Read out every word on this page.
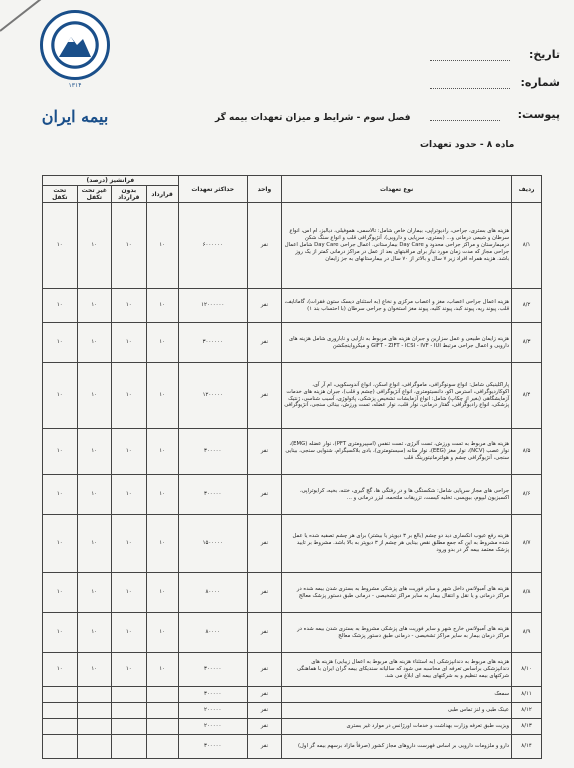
۱۳۱۴
بیمه ایران
تاریخ:
شماره:
پیوست:
فصل سوم - شرایط و میزان تعهدات بیمه گر
ماده ۸ - حدود تعهدات
ردیف	نوع تعهدات	واحد	حداکثر تعهدات	فرانشیز (درصد)			
				قرارداد	بدون قرارداد	غیر تحت تکفل	تحت تکفل
۸/۱	هزینه های بستری، جراحی، رادیوتراپی، بیماران خاص شامل: تالاسمی، هموفیلی، دیالیز، ام اس، انواع سرطان و شیمی درمانی و... (بستری، سرپایی و دارویی)، آنژیوگرافی قلب و انواع سنگ شکن درمیمارستان و مراکز جراحی محدود و Day Care بیمارستانی. اعمال جراحی Day Care شامل اعمال جراحی مجاز که مدت زمان مورد نیاز برای مراقبتهای بعد از عمل در مراکز درمانی کمتر از یک روز باشد. هزینه همراه افراد زیر ۷ سال و بالاتر از ۷۰ سال در بیمارستانهای به جز زایمان	نفر	۶۰۰۰۰۰۰	۱۰	۱۰	۱۰	۱۰
۸/۲	هزینه اعمال جراحی اعصاب، مغز و اعصاب مرکزی و نخاع (به استثنای دیسک ستون فقرات)، گامانایف، قلب، پیوند ریه، پیوند کبد، پیوند کلیه، پیوند مغز استخوان و جراحی سرطان (با احتساب بند ۱)	نفر	۱۲۰۰۰۰۰۰	۱۰	۱۰	۱۰	۱۰
۸/۳	هزینه زایمان طبیعی و عمل سزارین و جبران هزینه های مربوط به نازایی و ناباروری شامل هزینه های دارویی و اعمال جراحی مرتبط GIFT - ZIFT - ICSI - IVF - IUI و میکرواینجکشن	نفر	۳۰۰۰۰۰۰	۱۰	۱۰	۱۰	۱۰
۸/۴	پاراکلینیکی شامل: انواع سونوگرافی، ماموگرافی، انواع اسکن، انواع آندوسکوپی، ام آر آی، اکوکاردیوگرافی، استرس اکو، دانسیتومتری، انواع آنژیوگرافی (چشم و قلب)، جبران هزینه های خدمات آزمایشگاهی (بغیر از چکاپ) شامل: انواع آزمایشات تشخیص پزشکی، پاتولوژی، آسیب شناسی، ژنتیک پزشکی، انواع رادیوگرافی، گفتار درمانی، نوار قلب، نوار عضله، تست ورزش، بینائی سنجی، آنژیوگرافی	نفر	۱۲۰۰۰۰۰	۱۰	۱۰	۱۰	۱۰
۸/۵	هزینه های مربوط به تست ورزش، تست آلرژی، تست تنفس (اسپیرومتری PFT)، نوار عضله (EMG)، نوار عصب (NCV)، نوار مغز (EEG)، نوار مثانه (سیستومتری)، بادی بلاکسیگرام، شنوایی سنجی، بینایی سنجی، آنژیوگرافی چشم و هولترمانیتورینگ قلب	نفر	۳۰۰۰۰۰	۱۰	۱۰	۱۰	۱۰
۸/۶	جراحی های مجاز سرپایی شامل: شکستگی ها و در رفتگی ها، گچ گیری، ختنه، بخیه، کرایوتراپی، اکسیزیون لیپوم، بیوپسی، تخلیه کیست، تزریقات ملتحمه، لیزر درمانی و ...	نفر	۳۰۰۰۰۰	۱۰	۱۰	۱۰	۱۰
۸/۷	هزینه رفع عیوب انکساری دید دو چشم (بالغ بر ۳ دیوپتر یا بیشتر) برای هر چشم تصفیه شده یا عمل شده مشروط به این که جمع مطلق نقص بینایی هر چشم از ۳ دیوپتر به بالا باشد. مشروط بر تایید پزشک معتمد بیمه گر در بدو ورود	نفر	۱۵۰۰۰۰۰	۱۰	۱۰	۱۰	۱۰
۸/۸	هزینه های آمبولانس داخل شهر و سایر فوریت های پزشکی مشروط به بستری شدن بیمه شده در مراکز درمانی و یا نقل و انتقال بیمار به سایر مراکز تشخیصی - درمانی طبق دستور پزشک معالج	نفر	۸۰۰۰۰	۱۰	۱۰	۱۰	۱۰
۸/۹	هزینه های آمبولانس خارج شهر و سایر فوریت های پزشکی مشروط به بستری شدن بیمه شده در مراکز درمان بیمار به سایر مراکز تشخیصی - درمانی طبق دستور پزشک معالج	نفر	۸۰۰۰۰	۱۰	۱۰	۱۰	۱۰
۸/۱۰	هزینه های مربوط به دندانپزشکی (به استثناء هزینه های مربوط به اعمال زیبایی) هزینه های دندانپزشکی براساس تعرفه ای محاسبه می شود که سالیانه سندیکای بیمه گران ایران با هماهنگی شرکتهای بیمه تنظیم و به شرکتهای بیمه ای ابلاغ می شد.	نفر	۳۰۰۰۰۰	۱۰	۱۰	۱۰	۱۰
۸/۱۱	سمعک	نفر	۳۰۰۰۰۰				
۸/۱۲	عینک طبی و لنز تماس طبی	نفر	۲۰۰۰۰۰				
۸/۱۳	ویزیت طبق تعرفه وزارت بهداشت و خدمات اورژانس در موارد غیر بستری	نفر	۲۰۰۰۰۰				
۸/۱۴	دارو و ملزومات دارویی بر اساس فهرست داروهای مجاز کشور (صرفاً مازاد برسهم بیمه گر اول)	نفر	۳۰۰۰۰۰				
